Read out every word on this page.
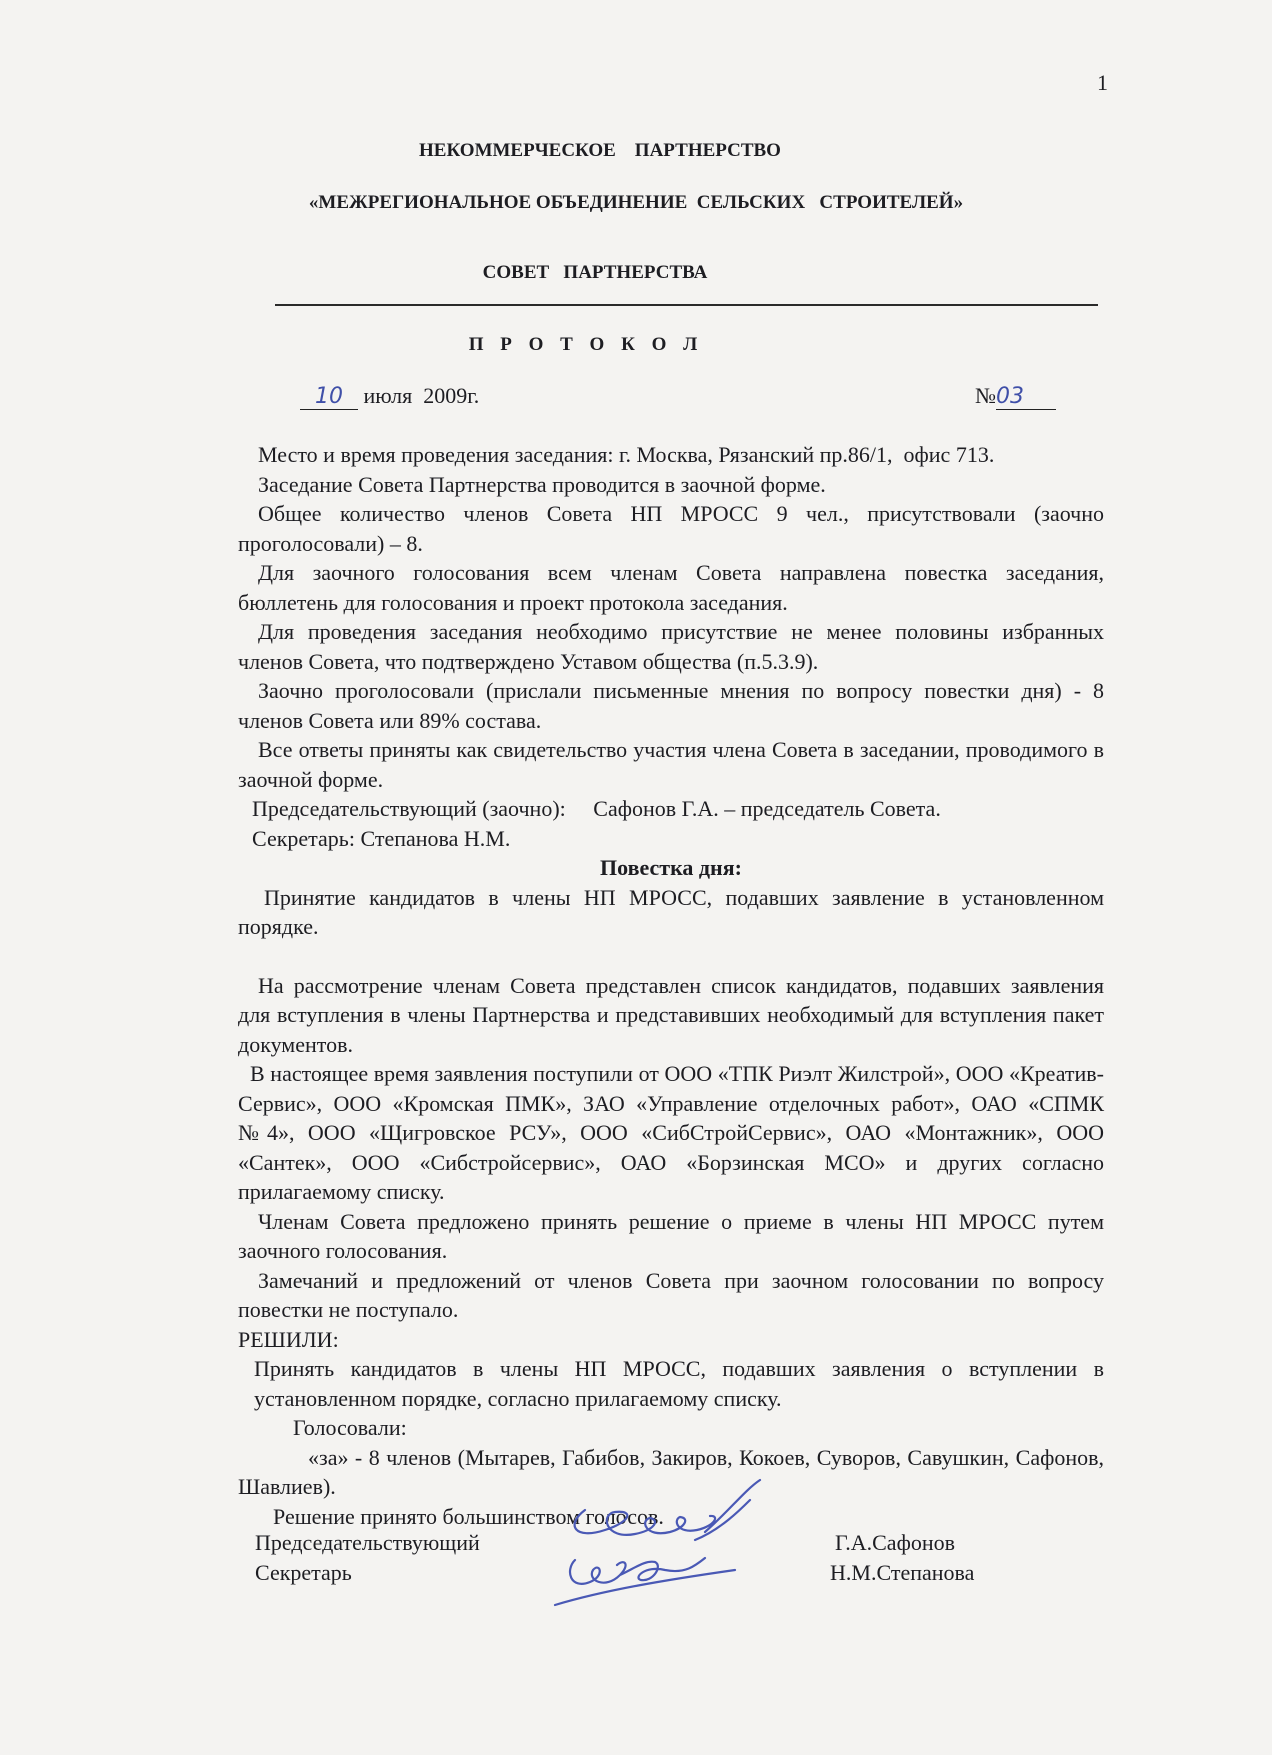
1
НЕКОММЕРЧЕСКОЕ    ПАРТНЕРСТВО
«МЕЖРЕГИОНАЛЬНОЕ ОБЪЕДИНЕНИЕ  СЕЛЬСКИХ   СТРОИТЕЛЕЙ»
СОВЕТ   ПАРТНЕРСТВА
П Р О Т О К О Л
10 июля  2009г.	№03

Место и время проведения заседания: г. Москва, Рязанский пр.86/1,  офис 713.

Заседание Совета Партнерства проводится в заочной форме.

Общее количество членов Совета НП МРОСС 9 чел., присутствовали (заочно проголосовали) – 8.

Для заочного голосования всем членам Совета направлена повестка заседания, бюллетень для голосования и проект протокола заседания.

Для проведения заседания необходимо присутствие не менее половины избранных членов Совета, что подтверждено Уставом общества (п.5.3.9).

Заочно проголосовали (прислали письменные мнения по вопросу повестки дня) - 8 членов Совета или 89% состава.

Все ответы приняты как свидетельство участия члена Совета в заседании, проводимого в заочной форме.

Председательствующий (заочно):     Сафонов Г.А. – председатель Совета.

Секретарь: Степанова Н.М.

Повестка дня:

Принятие кандидатов в члены НП МРОСС, подавших заявление в установленном порядке.

На рассмотрение членам Совета представлен список кандидатов, подавших заявления для вступления в члены Партнерства и представивших необходимый для вступления пакет документов.

В настоящее время заявления поступили от ООО «ТПК Риэлт Жилстрой», ООО «Креатив-Сервис», ООО «Кромская ПМК», ЗАО «Управление отделочных работ», ОАО «СПМК №4», ООО «Щигровское РСУ», ООО «СибСтройСервис», ОАО «Монтажник», ООО «Сантек», ООО «Сибстройсервис», ОАО «Борзинская МСО» и других согласно прилагаемому списку.

Членам Совета предложено принять решение о приеме в члены НП МРОСС путем заочного голосования.

Замечаний и предложений от членов Совета при заочном голосовании по вопросу повестки не поступало.

РЕШИЛИ:

Принять кандидатов в члены НП МРОСС, подавших заявления о вступлении в установленном порядке, согласно прилагаемому списку.

Голосовали:

«за» - 8 членов (Мытарев, Габибов, Закиров, Кокоев, Суворов, Савушкин, Сафонов, Шавлиев).

Решение принято большинством голосов.

Председательствующий
Секретарь
Г.А.Сафонов
Н.М.Степанова
